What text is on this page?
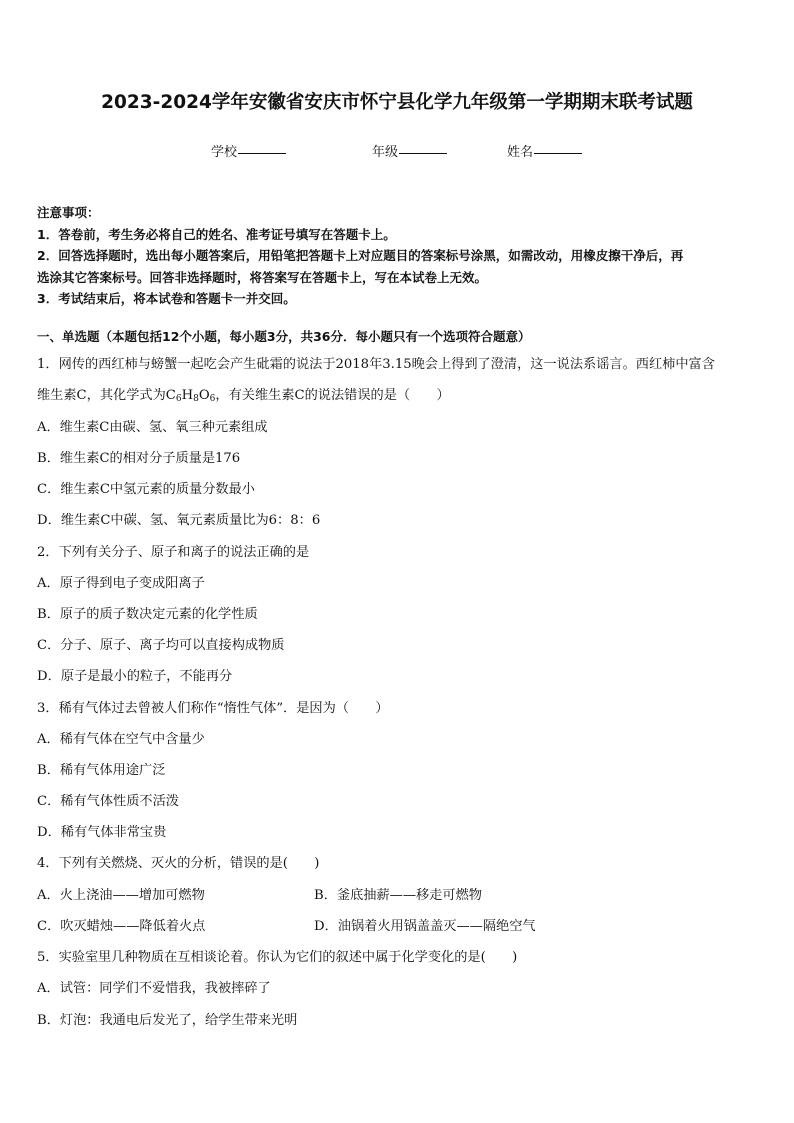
2023-2024学年安徽省安庆市怀宁县化学九年级第一学期期末联考试题
学校	年级	姓名
注意事项：
1．答卷前，考生务必将自己的姓名、准考证号填写在答题卡上。
2．回答选择题时，选出每小题答案后，用铅笔把答题卡上对应题目的答案标号涂黑，如需改动，用橡皮擦干净后，再
选涂其它答案标号。回答非选择题时，将答案写在答题卡上，写在本试卷上无效。
3．考试结束后，将本试卷和答题卡一并交回。
一、单选题（本题包括12个小题，每小题3分，共36分．每小题只有一个选项符合题意）
1．网传的西红柿与螃蟹一起吃会产生砒霜的说法于2018年3.15晚会上得到了澄清，这一说法系谣言。西红柿中富含
维生素C，其化学式为$C_6H_8O_6$，有关维生素C的说法错误的是（　　）
A．维生素C由碳、氢、氧三种元素组成
B．维生素C的相对分子质量是176
C．维生素C中氢元素的质量分数最小
D．维生素C中碳、氢、氧元素质量比为6：8：6
2．下列有关分子、原子和离子的说法正确的是
A．原子得到电子变成阳离子
B．原子的质子数决定元素的化学性质
C．分子、原子、离子均可以直接构成物质
D．原子是最小的粒子，不能再分
3．稀有气体过去曾被人们称作“惰性气体”．是因为（　　）
A．稀有气体在空气中含量少
B．稀有气体用途广泛
C．稀有气体性质不活泼
D．稀有气体非常宝贵
4．下列有关燃烧、灭火的分析，错误的是(　　)
A．火上浇油——增加可燃物	B．釜底抽薪——移走可燃物
C．吹灭蜡烛——降低着火点	D．油锅着火用锅盖盖灭——隔绝空气
5．实验室里几种物质在互相谈论着。你认为它们的叙述中属于化学变化的是(　　)
A．试管：同学们不爱惜我，我被摔碎了
B．灯泡：我通电后发光了，给学生带来光明
